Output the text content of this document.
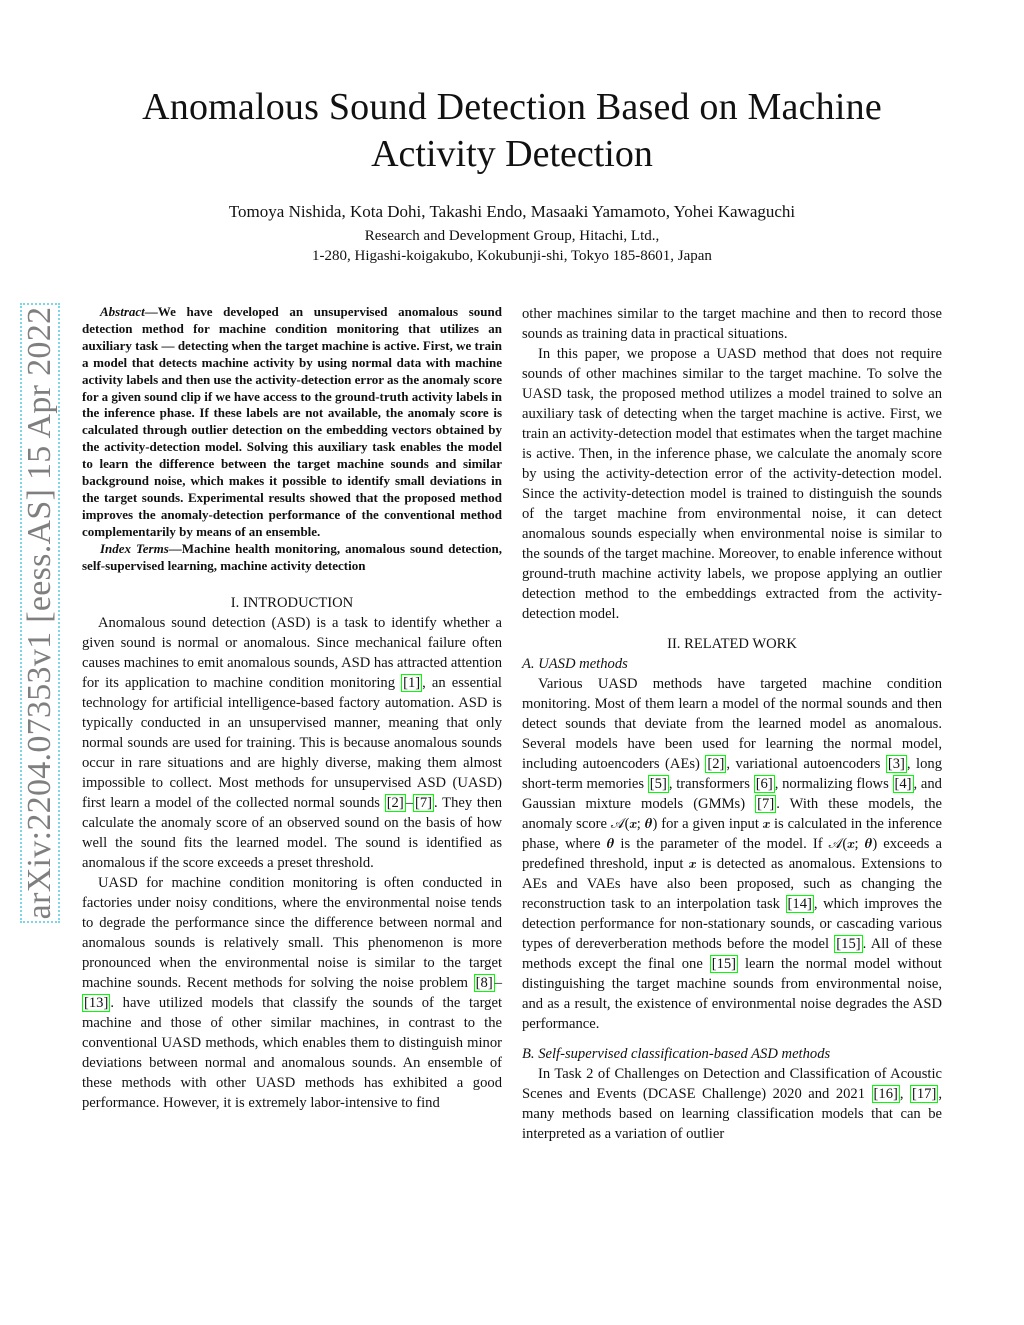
Anomalous Sound Detection Based on Machine
Activity Detection
Tomoya Nishida, Kota Dohi, Takashi Endo, Masaaki Yamamoto, Yohei Kawaguchi
Research and Development Group, Hitachi, Ltd.,
1-280, Higashi-koigakubo, Kokubunji-shi, Tokyo 185-8601, Japan
arXiv:2204.07353v1 [eess.AS] 15 Apr 2022	Abstract—We have developed an unsupervised anomalous sound detection method for machine condition monitoring that utilizes an auxiliary task — detecting when the target machine is active. First, we train a model that detects machine activity by using normal data with machine activity labels and then use the activity-detection error as the anomaly score for a given sound clip if we have access to the ground-truth activity labels in the inference phase. If these labels are not available, the anomaly score is calculated through outlier detection on the embedding vectors obtained by the activity-detection model. Solving this auxiliary task enables the model to learn the difference between the target machine sounds and similar background noise, which makes it possible to identify small deviations in the target sounds. Experimental results showed that the proposed method improves the anomaly-detection performance of the conventional method complementarily by means of an ensemble.

Index Terms—Machine health monitoring, anomalous sound detection, self-supervised learning, machine activity detection

I. INTRODUCTION

Anomalous sound detection (ASD) is a task to identify whether a given sound is normal or anomalous. Since mechanical failure often causes machines to emit anomalous sounds, ASD has attracted attention for its application to machine condition monitoring [1] , an essential technology for artificial intelligence-based factory automation. ASD is typically conducted in an unsupervised manner, meaning that only normal sounds are used for training. This is because anomalous sounds occur in rare situations and are highly diverse, making them almost impossible to collect. Most methods for unsupervised ASD (UASD) first learn a model of the collected normal sounds [2] – [7] . They then calculate the anomaly score of an observed sound on the basis of how well the sound fits the learned model. The sound is identified as anomalous if the score exceeds a preset threshold.

UASD for machine condition monitoring is often conducted in factories under noisy conditions, where the environmental noise tends to degrade the performance since the difference between normal and anomalous sounds is relatively small. This phenomenon is more pronounced when the environmental noise is similar to the target machine sounds. Recent methods for solving the noise problem [8] –[13] . have utilized models that classify the sounds of the target machine and those of other similar machines, in contrast to the conventional UASD methods, which enables them to distinguish minor deviations between normal and anomalous sounds. An ensemble of these methods with other UASD methods has exhibited a good performance. However, it is extremely labor-intensive to find

other machines similar to the target machine and then to record those sounds as training data in practical situations.

In this paper, we propose a UASD method that does not require sounds of other machines similar to the target machine. To solve the UASD task, the proposed method utilizes a model trained to solve an auxiliary task of detecting when the target machine is active. First, we train an activity-detection model that estimates when the target machine is active. Then, in the inference phase, we calculate the anomaly score by using the activity-detection error of the activity-detection model. Since the activity-detection model is trained to distinguish the sounds of the target machine from environmental noise, it can detect anomalous sounds especially when environmental noise is similar to the sounds of the target machine. Moreover, to enable inference without ground-truth machine activity labels, we propose applying an outlier detection method to the embeddings extracted from the activity-detection model.

II. RELATED WORK
A. UASD methods

Various UASD methods have targeted machine condition monitoring. Most of them learn a model of the normal sounds and then detect sounds that deviate from the learned model as anomalous. Several models have been used for learning the normal model, including autoencoders (AEs) [2] , variational autoencoders [3] , long short-term memories [5] , transformers [6] , normalizing flows [4] , and Gaussian mixture models (GMMs) [7] . With these models, the anomaly score 𝒜(𝒙; 𝜽) for a given input 𝒙 is calculated in the inference phase, where 𝜽 is the parameter of the model. If 𝒜(𝒙; 𝜽) exceeds a predefined threshold, input 𝒙 is detected as anomalous. Extensions to AEs and VAEs have also been proposed, such as changing the reconstruction task to an interpolation task [14] , which improves the detection performance for non-stationary sounds, or cascading various types of dereverberation methods before the model [15] . All of these methods except the final one [15] learn the normal model without distinguishing the target machine sounds from environmental noise, and as a result, the existence of environmental noise degrades the ASD performance.

B. Self-supervised classification-based ASD methods

In Task 2 of Challenges on Detection and Classification of Acoustic Scenes and Events (DCASE Challenge) 2020 and 2021 [16] , [17] , many methods based on learning classification models that can be interpreted as a variation of outlier
